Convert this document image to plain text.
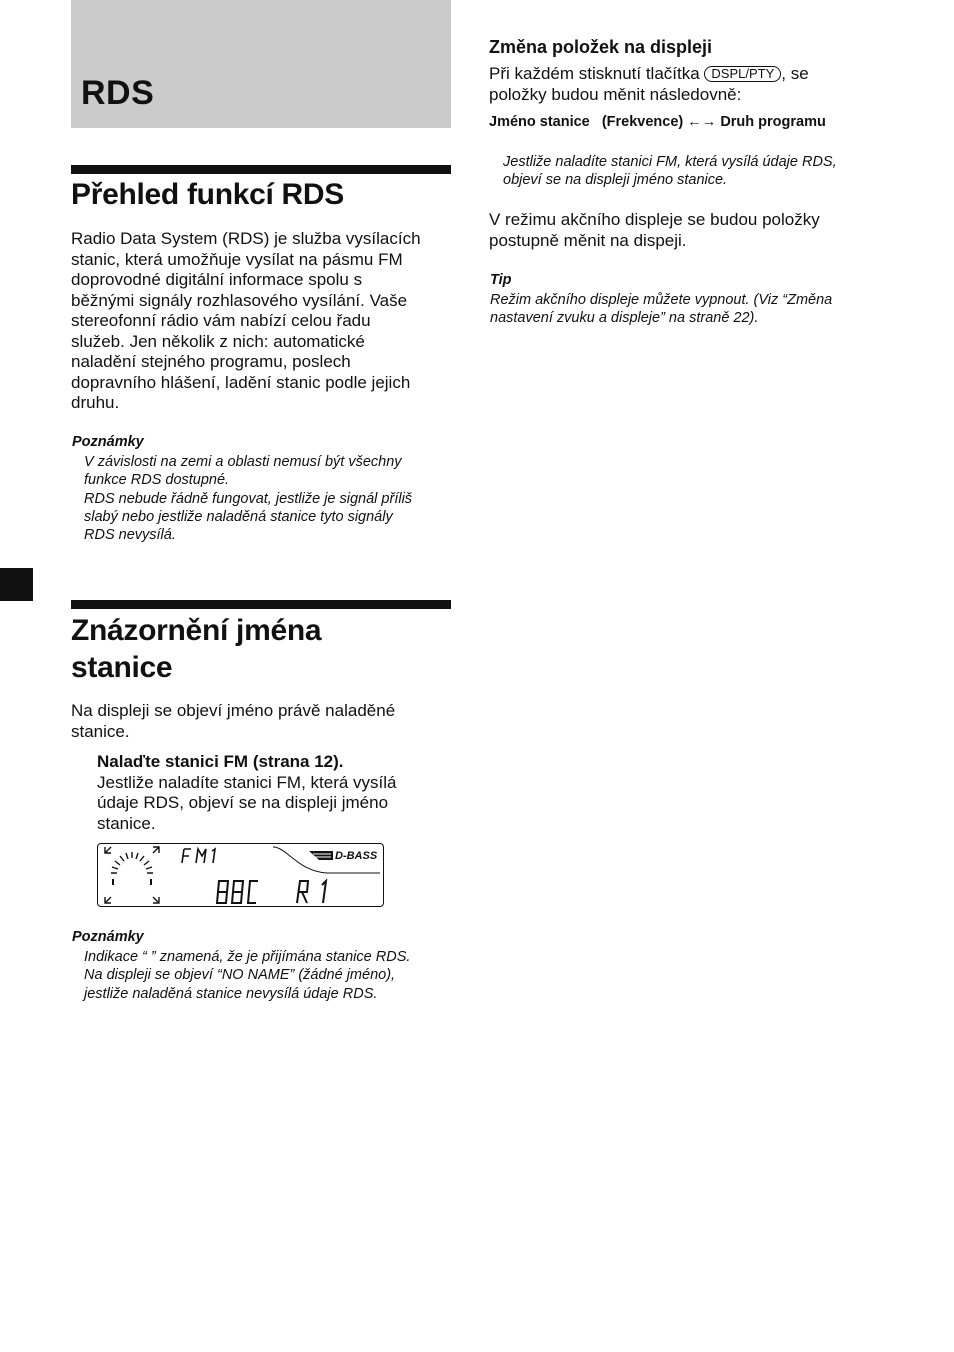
RDS
Přehled funkcí RDS

Radio Data System (RDS) je služba vysílacích

stanic, která umožňuje vysílat na pásmu FM

doprovodné digitální informace spolu s

běžnými signály rozhlasového vysílání. Vaše

stereofonní rádio vám nabízí celou řadu

služeb. Jen několik z nich: automatické

naladění stejného programu, poslech

dopravního hlášení, ladění stanic podle jejich

druhu.

Poznámky

V závislosti na zemi a oblasti nemusí být všechny

funkce RDS dostupné.

RDS nebude řádně fungovat, jestliže je signál příliš

slabý nebo jestliže naladěná stanice tyto signály

RDS nevysílá.

Znázornění jména
stanice

Na displeji se objeví jméno právě naladěné

stanice.

Nalaďte stanici FM (strana 12).

Jestliže naladíte stanici FM, která vysílá

údaje RDS, objeví se na displeji jméno

stanice.

D-BASS

Poznámky

Indikace “ ” znamená, že je přijímána stanice RDS.

Na displeji se objeví “NO NAME” (žádné jméno),

jestliže naladěná stanice nevysílá údaje RDS.

Změna položek na displeji

Při každém stisknutí tlačítka DSPL/PTY , se

položky budou měnit následovně:

Jméno stanice (Frekvence) ←→ Druh programu

Jestliže naladíte stanici FM, která vysílá údaje RDS,

objeví se na displeji jméno stanice.

V režimu akčního displeje se budou položky

postupně měnit na dispeji.

Tip

Režim akčního displeje můžete vypnout. (Viz “Změna

nastavení zvuku a displeje” na straně 22).
